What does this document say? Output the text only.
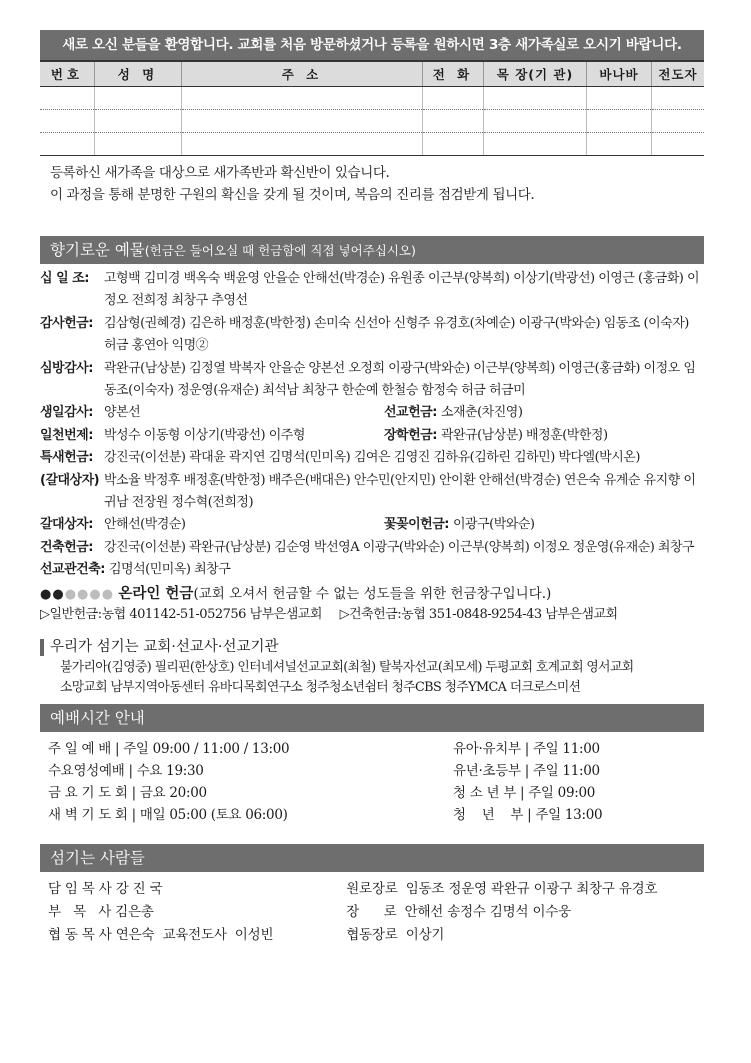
새로 오신 분들을 환영합니다. 교회를 처음 방문하셨거나 등록을 원하시면 3층 새가족실로 오시기 바랍니다.
번호	성 명	주 소	전 화	목 장(기 관)	바나바	전도자

등록하신 새가족을 대상으로 새가족반과 확신반이 있습니다.
이 과정을 통해 분명한 구원의 확신을 갖게 될 것이며, 복음의 진리를 점검받게 됩니다.
향기로운 예물(헌금은 들어오실 때 헌금함에 직접 넣어주십시오)
십 일 조:	고형백 김미경 백옥숙 백윤영 안을순 안해선(박경순) 유원종 이근부(양복희) 이상기(박광선) 이영근 (홍금화) 이정오 전희정 최창구 추영선
감사헌금: 김삼형(권혜경) 김은하 배정훈(박한정) 손미숙 신선아 신형주 유경호(차예순) 이광구(박와순) 임동조 (이숙자) 허금 홍연아 익명②
심방감사: 곽완규(남상분) 김정열 박복자 안을순 양본선 오정희 이광구(박와순) 이근부(양복희) 이영근(홍금화) 이정오 임동조(이숙자) 정운영(유재순) 최석남 최창구 한순예 한철승 함정숙 허금 허금미
생일감사: 양본선	선교헌금: 소재춘(차진영)
일천번제: 박성수 이동형 이상기(박광선) 이주형	장학헌금: 곽완규(남상분) 배정훈(박한정)
특새헌금: 강진국(이선분) 곽대윤 곽지연 김명석(민미옥) 김여은 김영진 김하유(김하린 김하민) 박다엘(박시온)
(갈대상자) 박소율 박정후 배정훈(박한정) 배주은(배대은) 안수민(안지민) 안이환 안해선(박경순) 연은숙 유계순 유지향 이귀남 전장원 정수혁(전희정)
갈대상자: 안해선(박경순)	꽃꽂이헌금: 이광구(박와순)
건축헌금: 강진국(이선분) 곽완규(남상분) 김순영 박선영A 이광구(박와순) 이근부(양복희) 이정오 정운영(유재순) 최창구
선교관건축: 김명석(민미옥) 최창구
●●●●●● 온라인 헌금(교회 오셔서 헌금할 수 없는 성도들을 위한 헌금창구입니다.)
▷일반헌금:농협 401142-51-052756 남부은샘교회 ▷건축헌금:농협 351-0848-9254-43 남부은샘교회
우리가 섬기는 교회·선교사·선교기관
불가리아(김영중) 필리핀(한상호) 인터네셔널선교교회(최철) 탈북자선교(최모세) 두평교회 호계교회 영서교회
소망교회 남부지역아동센터 유바디목회연구소 청주청소년쉼터 청주CBS 청주YMCA 더크로스미션
예배시간 안내
주 일 예 배 | 주일 09:00 / 11:00 / 13:00
수요영성예배 | 수요 19:30
금 요 기 도 회 | 금요 20:00
새 벽 기 도 회 | 매일 05:00 (토요 06:00)
유아·유치부 | 주일 11:00
유년·초등부 | 주일 11:00
청 소 년 부 | 주일 09:00
청    년    부 | 주일 13:00
섬기는 사람들
담 임 목 사 강 진 국
부   목   사 김은총
협 동 목 사 연은숙 교육전도사 이성빈
원로장로 임동조 정운영 곽완규 이광구 최창구 유경호
장      로 안해선 송정수 김명석 이수웅
협동장로 이상기
